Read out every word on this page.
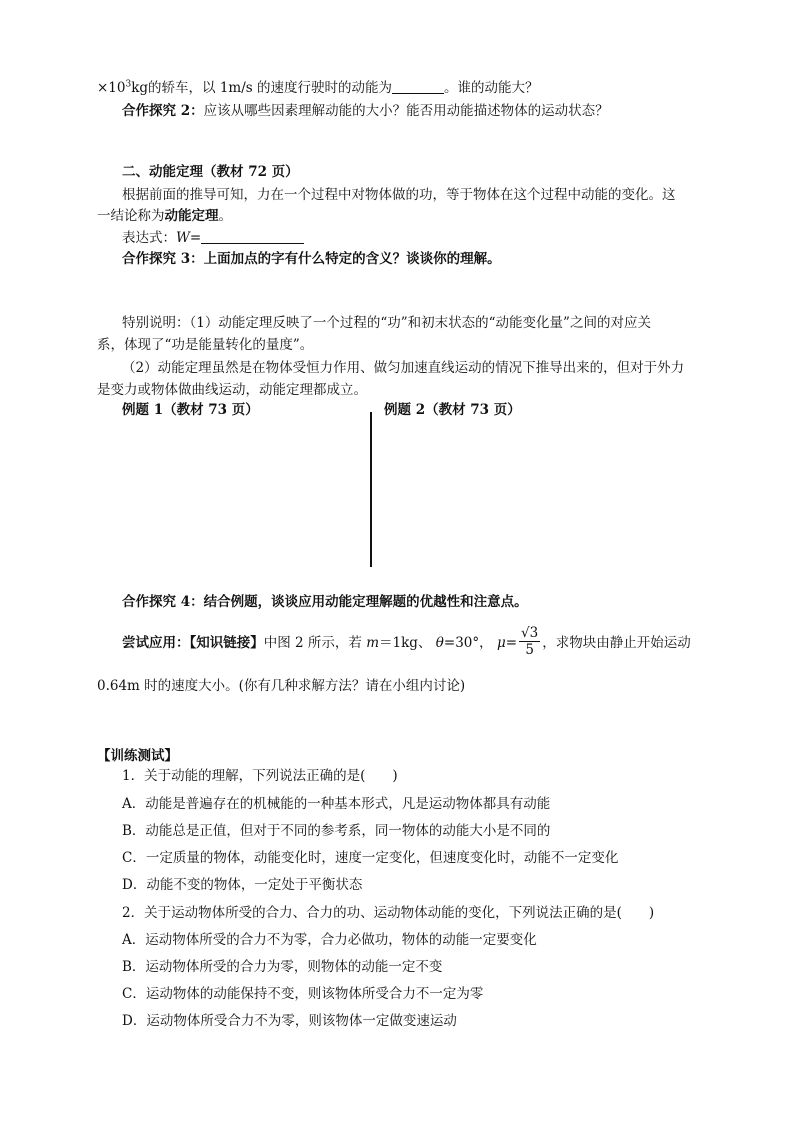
$\times 10^3kg$的轿车，以 1m/s 的速度行驶时的动能为	。谁的动能大？
合作探究 2：应该从哪些因素理解动能的大小？能否用动能描述物体的运动状态？
二、动能定理（教材 72 页）
根据前面的推导可知，力在一个过程中对物体做的功，等于物体在这个过程中动能的变化。这
一结论称为动能定理。
表达式：W=
合作探究 3：上面加点的字有什么特定的含义？谈谈你的理解。
特别说明：（1）动能定理反映了一个过程的“功”和初末状态的“动能变化量”之间的对应关
系，体现了“功是能量转化的量度”。
（2）动能定理虽然是在物体受恒力作用、做匀加速直线运动的情况下推导出来的，但对于外力
是变力或物体做曲线运动，动能定理都成立。
例题 1（教材 73 页）	例题 2（教材 73 页）
合作探究 4：结合例题，谈谈应用动能定理解题的优越性和注意点。
尝试应用：【知识链接】中图 2 所示，若 m＝1kg、 θ=30°， $\mu= \frac{√3}{5}$ ，求物块由静止开始运动
0.64m 时的速度大小。(你有几种求解方法？请在小组内讨论)
【训练测试】
1．关于动能的理解，下列说法正确的是(　　)
A．动能是普遍存在的机械能的一种基本形式，凡是运动物体都具有动能
B．动能总是正值，但对于不同的参考系，同一物体的动能大小是不同的
C．一定质量的物体，动能变化时，速度一定变化，但速度变化时，动能不一定变化
D．动能不变的物体，一定处于平衡状态
2．关于运动物体所受的合力、合力的功、运动物体动能的变化，下列说法正确的是(　　)
A．运动物体所受的合力不为零，合力必做功，物体的动能一定要变化
B．运动物体所受的合力为零，则物体的动能一定不变
C．运动物体的动能保持不变，则该物体所受合力不一定为零
D．运动物体所受合力不为零，则该物体一定做变速运动
